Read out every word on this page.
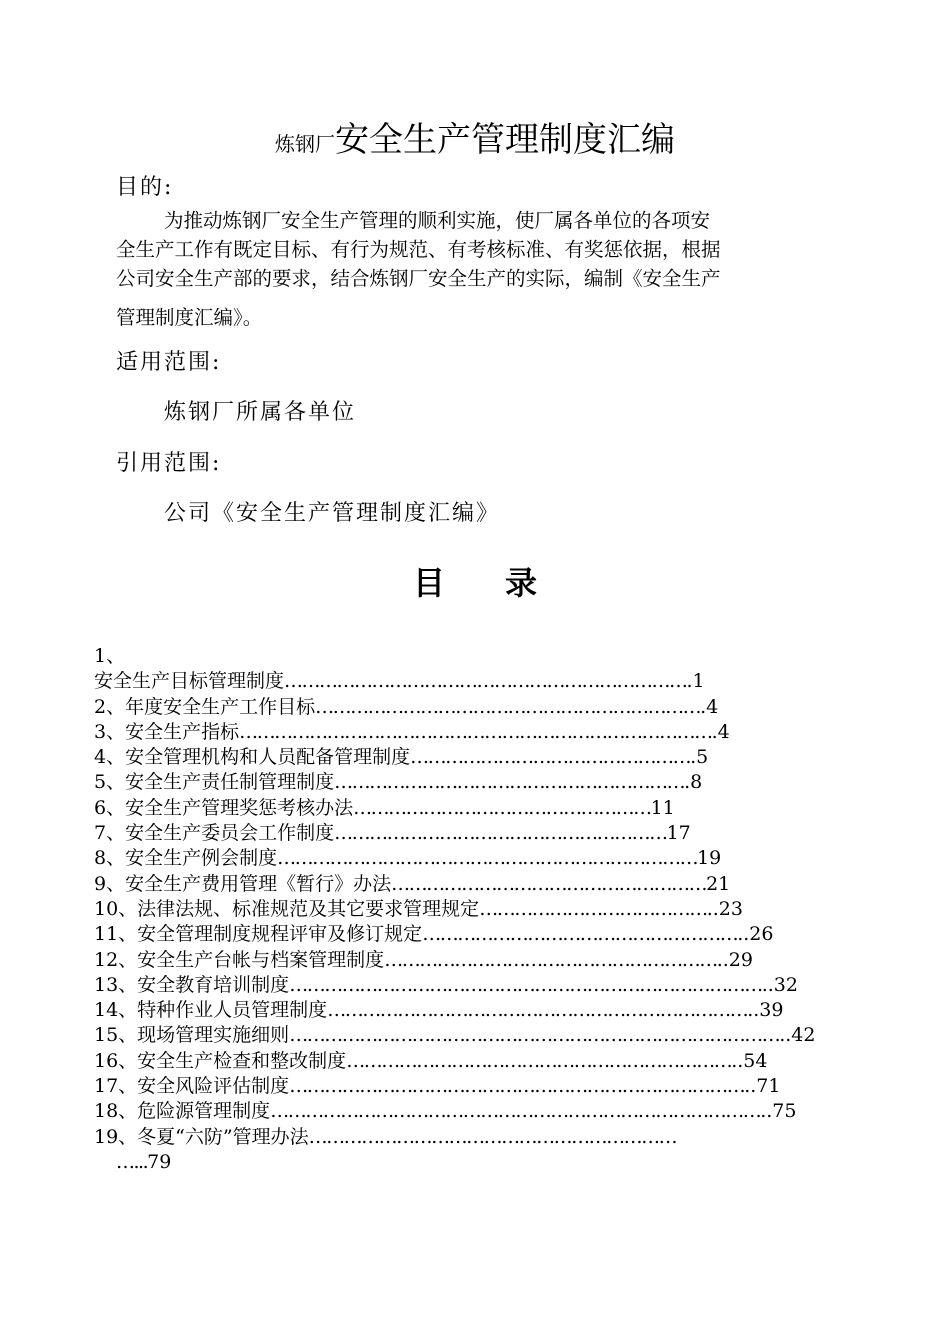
炼钢厂安全生产管理制度汇编
目的:
为推动炼钢厂安全生产管理的顺利实施，使厂属各单位的各项安
全生产工作有既定目标、有行为规范、有考核标准、有奖惩依据，根据
公司安全生产部的要求，结合炼钢厂安全生产的实际，编制《安全生产
管理制度汇编》。
适用范围:
炼钢厂所属各单位
引用范围:
公司《安全生产管理制度汇编》
目 录
1、
安全生产目标管理制度…………………………………………………………….1
2、年度安全生产工作目标………………………………………………………….4
3、安全生产指标……………………………………………………………………….4
4、安全管理机构和人员配备管理制度………………………………………….5
5、安全生产责任制管理制度…………………………………………………….8
6、安全生产管理奖惩考核办法……………………………………………11
7、安全生产委员会工作制度…………………………………………………17
8、安全生产例会制度………………………………………………………………19
9、安全生产费用管理《暂行》办法………………………………………………21
10、法律法规、标准规范及其它要求管理规定…………………………………..23
11、安全管理制度规程评审及修订规定………………………………………………..26
12、安全生产台帐与档案管理制度…………………………………………………..29
13、安全教育培训制度………………………………………………………………………..32
14、特种作业人员管理制度………………………………………………………………..39
15、现场管理实施细则…………………………………………………………………………..42
16、安全生产检查和整改制度…………………………………………………………..54
17、安全风险评估制度……………………………………………………………………..71
18、危险源管理制度…………………………………………………………………………..75
19、冬夏“六防”管理办法………………………………………………………
…...79
